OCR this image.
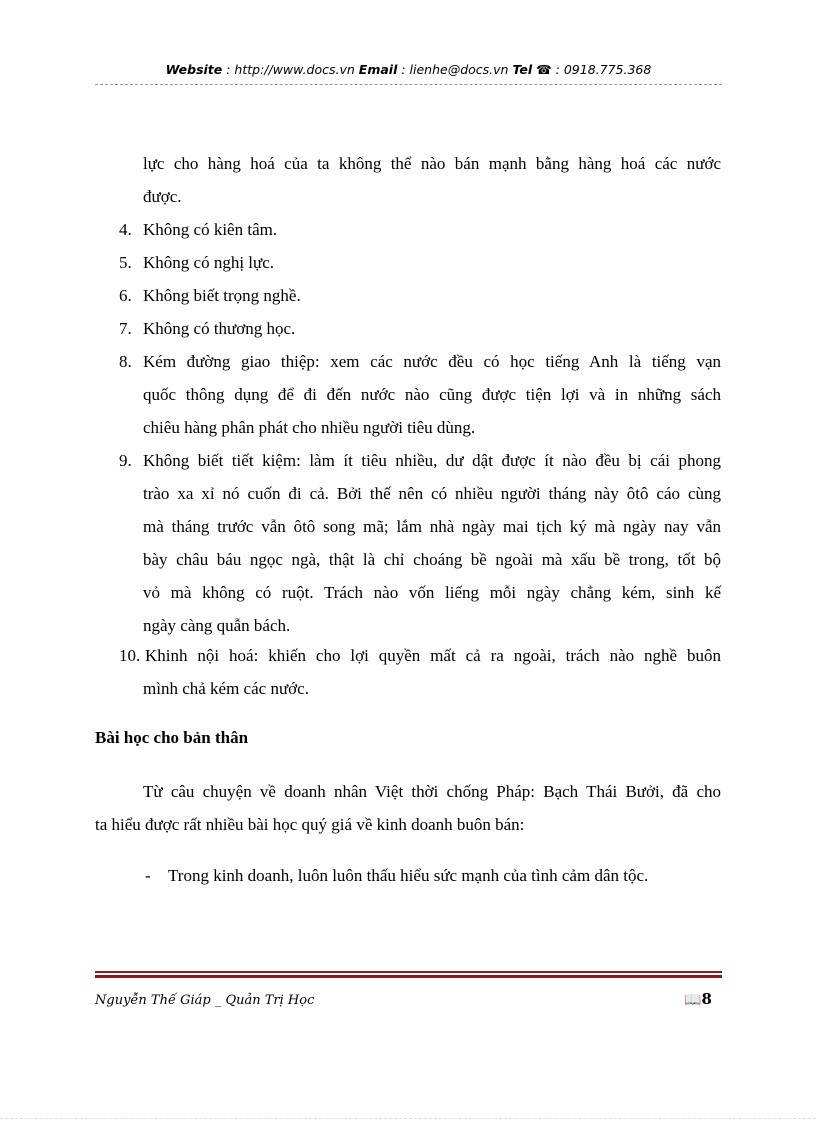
Website : http://www.docs.vn Email : lienhe@docs.vn Tel ☎ : 0918.775.368
lực cho hàng hoá của ta không thể nào bán mạnh bằng hàng hoá các nước
được.
4. Không có kiên tâm.
5. Không có nghị lực.
6. Không biết trọng nghề.
7. Không có thương học.
8. Kém đường giao thiệp: xem các nước đều có học tiếng Anh là tiếng vạn
quốc thông dụng để đi đến nước nào cũng được tiện lợi và in những sách
chiêu hàng phân phát cho nhiều người tiêu dùng.
9. Không biết tiết kiệm: làm ít tiêu nhiều, dư dật được ít nào đều bị cái phong
trào xa xỉ nó cuốn đi cả. Bởi thế nên có nhiều người tháng này ôtô cáo cùng
mà tháng trước vẫn ôtô song mã; lắm nhà ngày mai tịch ký mà ngày nay vẫn
bày châu báu ngọc ngà, thật là chỉ choáng bề ngoài mà xấu bề trong, tốt bộ
vỏ mà không có ruột. Trách nào vốn liếng mỗi ngày chẳng kém, sinh kế
ngày càng quẫn bách.
10. Khinh nội hoá: khiến cho lợi quyền mất cả ra ngoài, trách nào nghề buôn
mình chả kém các nước.
Từ câu chuyện về doanh nhân Việt thời chống Pháp: Bạch Thái Bưởi, đã cho
ta hiểu được rất nhiều bài học quý giá về kinh doanh buôn bán:
- Trong kinh doanh, luôn luôn thấu hiểu sức mạnh của tình cảm dân tộc.
Bài học cho bản thân
Nguyễn Thế Giáp _ Quản Trị Học	📖8
